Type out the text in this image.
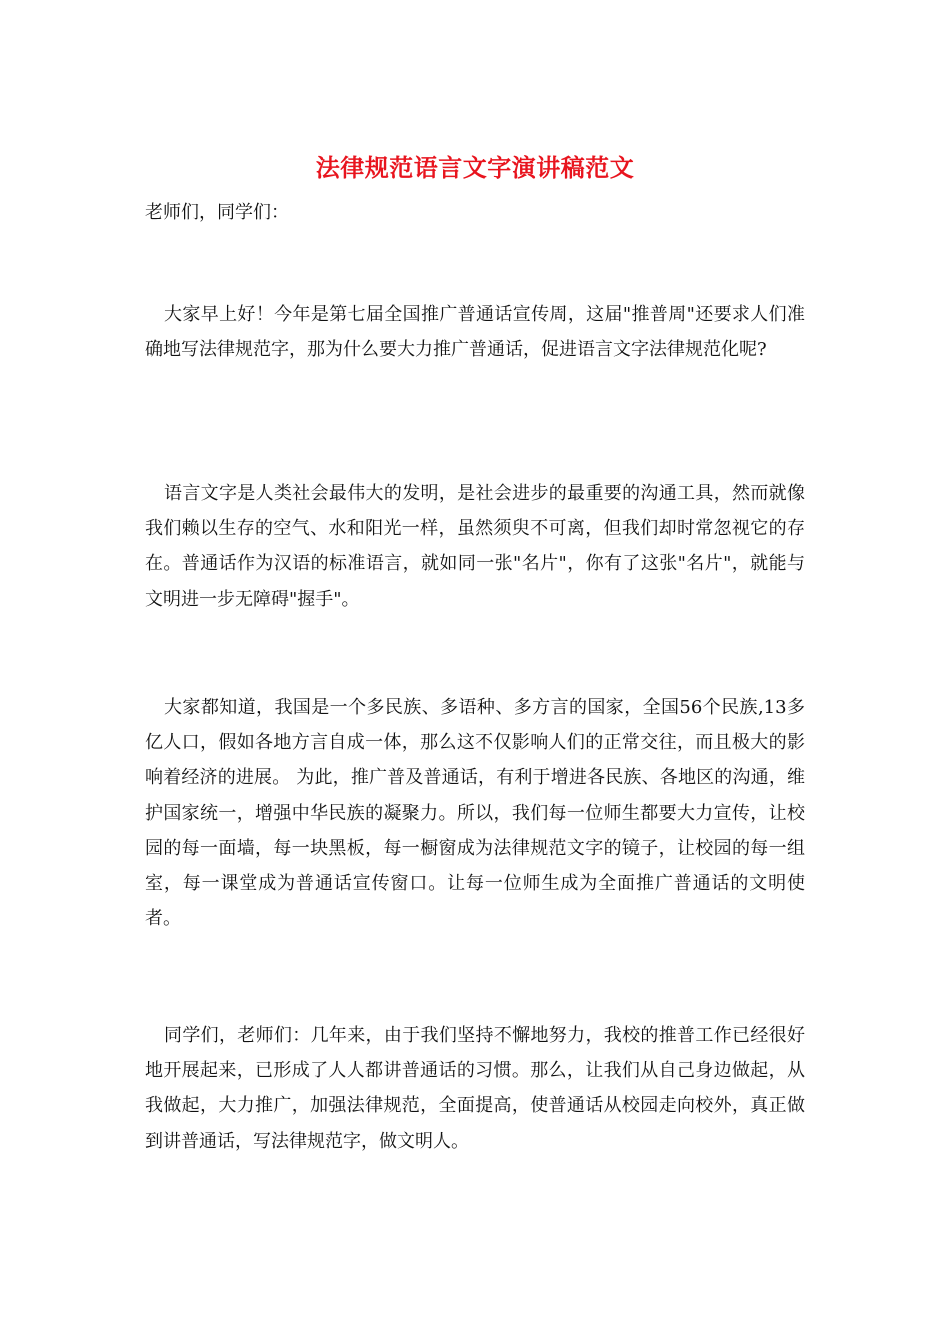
法律规范语言文字演讲稿范文
老师们，同学们：

大家早上好！今年是第七届全国推广普通话宣传周，这届"推普周"还要求人们准确地写法律规范字，那为什么要大力推广普通话，促进语言文字法律规范化呢?

语言文字是人类社会最伟大的发明，是社会进步的最重要的沟通工具，然而就像我们赖以生存的空气、水和阳光一样，虽然须臾不可离，但我们却时常忽视它的存在。普通话作为汉语的标准语言，就如同一张"名片"，你有了这张"名片"，就能与文明进一步无障碍"握手"。

大家都知道，我国是一个多民族、多语种、多方言的国家，全国56个民族,13多亿人口，假如各地方言自成一体，那么这不仅影响人们的正常交往，而且极大的影响着经济的进展。 为此，推广普及普通话，有利于增进各民族、各地区的沟通，维护国家统一，增强中华民族的凝聚力。所以，我们每一位师生都要大力宣传，让校园的每一面墙，每一块黑板，每一橱窗成为法律规范文字的镜子，让校园的每一组室，每一课堂成为普通话宣传窗口。让每一位师生成为全面推广普通话的文明使者。

同学们，老师们：几年来，由于我们坚持不懈地努力，我校的推普工作已经很好地开展起来，已形成了人人都讲普通话的习惯。那么，让我们从自己身边做起，从我做起，大力推广，加强法律规范，全面提高，使普通话从校园走向校外，真正做到讲普通话，写法律规范字，做文明人。
